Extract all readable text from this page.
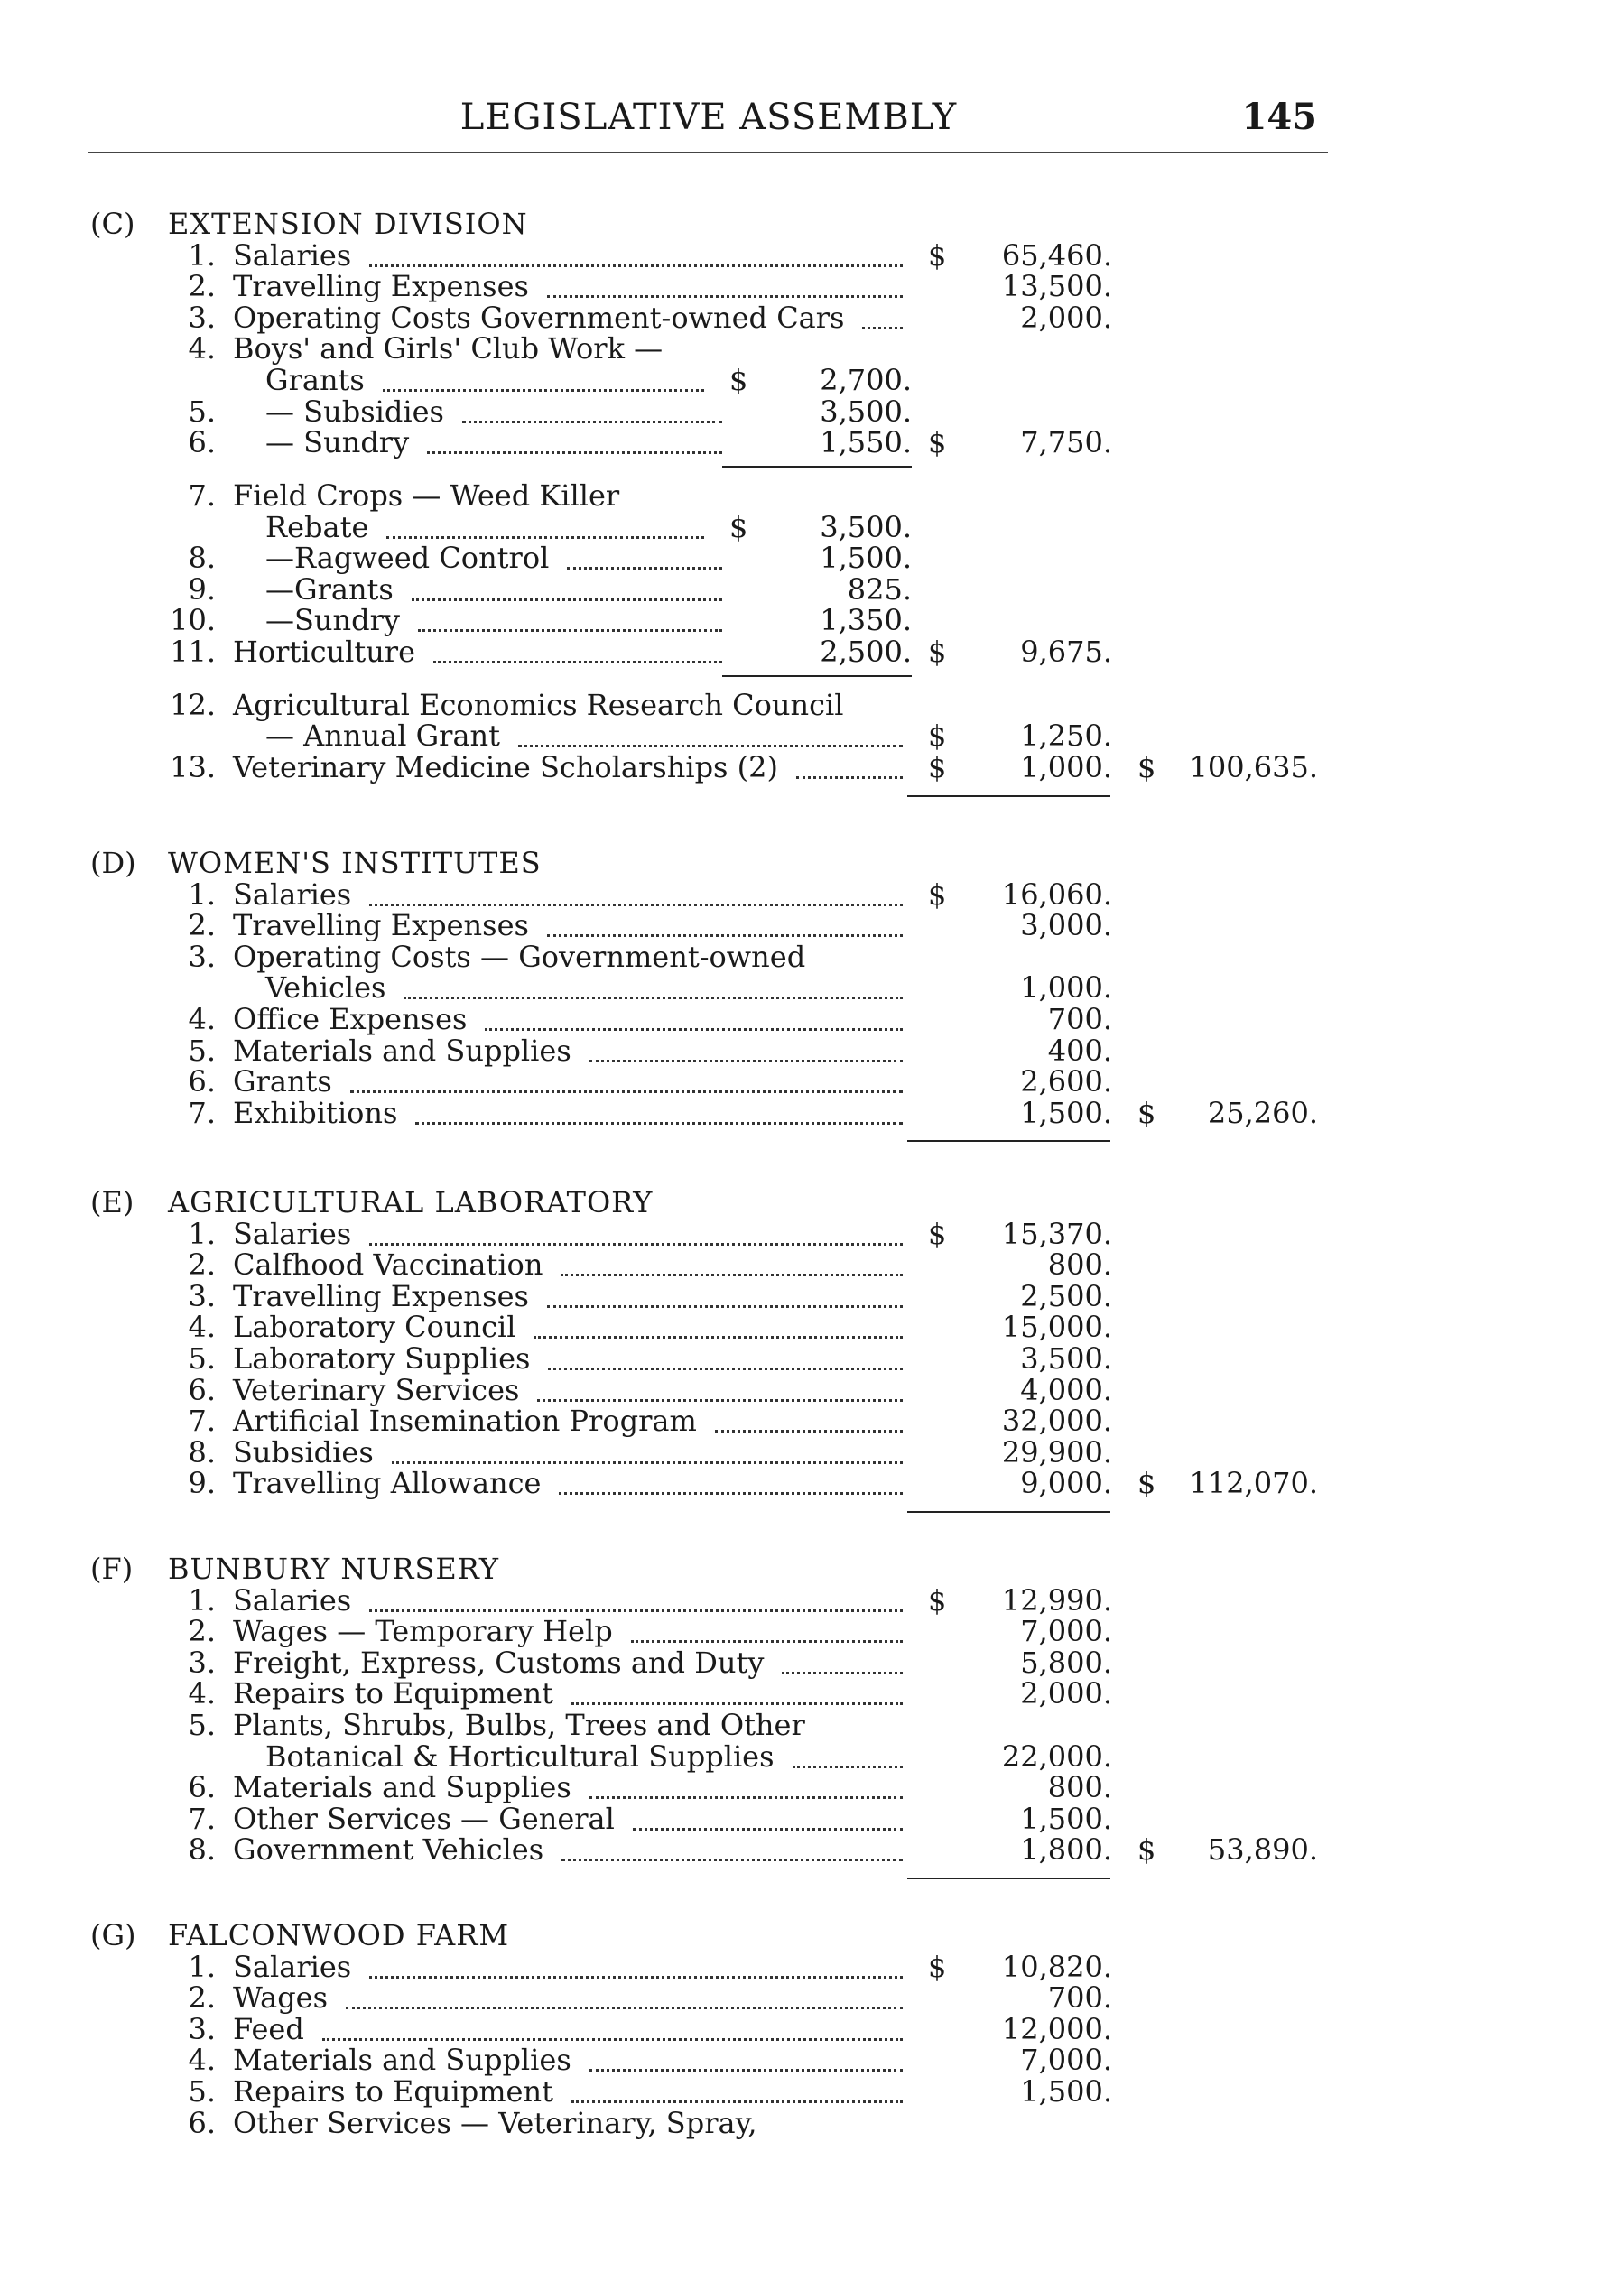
LEGISLATIVE ASSEMBLY	145
(C) EXTENSION DIVISION
1. Salaries	$	65,460.
2. Travelling Expenses	13,500.
3. Operating Costs Government-owned Cars	2,000.
4. Boys' and Girls' Club Work —
Grants	$	2,700.
5. — Subsidies	3,500.
6. — Sundry	1,550. $	7,750.
7. Field Crops — Weed Killer
Rebate	$	3,500.
8. —Ragweed Control	1,500.
9. —Grants	825.
10. —Sundry	1,350.
11. Horticulture	2,500. $	9,675.
12. Agricultural Economics Research Council
— Annual Grant	$	1,250.
13. Veterinary Medicine Scholarships (2)	$	1,000. $	100,635.
(D) WOMEN'S INSTITUTES
1. Salaries	$	16,060.
2. Travelling Expenses	3,000.
3. Operating Costs — Government-owned
Vehicles	1,000.
4. Office Expenses	700.
5. Materials and Supplies	400.
6. Grants	2,600.
7. Exhibitions	1,500. $	25,260.
(E) AGRICULTURAL LABORATORY
1. Salaries	$	15,370.
2. Calfhood Vaccination	800.
3. Travelling Expenses	2,500.
4. Laboratory Council	15,000.
5. Laboratory Supplies	3,500.
6. Veterinary Services	4,000.
7. Artificial Insemination Program	32,000.
8. Subsidies	29,900.
9. Travelling Allowance	9,000. $	112,070.
(F) BUNBURY NURSERY
1. Salaries	$	12,990.
2. Wages — Temporary Help	7,000.
3. Freight, Express, Customs and Duty	5,800.
4. Repairs to Equipment	2,000.
5. Plants, Shrubs, Bulbs, Trees and Other
Botanical & Horticultural Supplies	22,000.
6. Materials and Supplies	800.
7. Other Services — General	1,500.
8. Government Vehicles	1,800. $	53,890.
(G) FALCONWOOD FARM
1. Salaries	$	10,820.
2. Wages	700.
3. Feed	12,000.
4. Materials and Supplies	7,000.
5. Repairs to Equipment	1,500.
6. Other Services — Veterinary, Spray,
